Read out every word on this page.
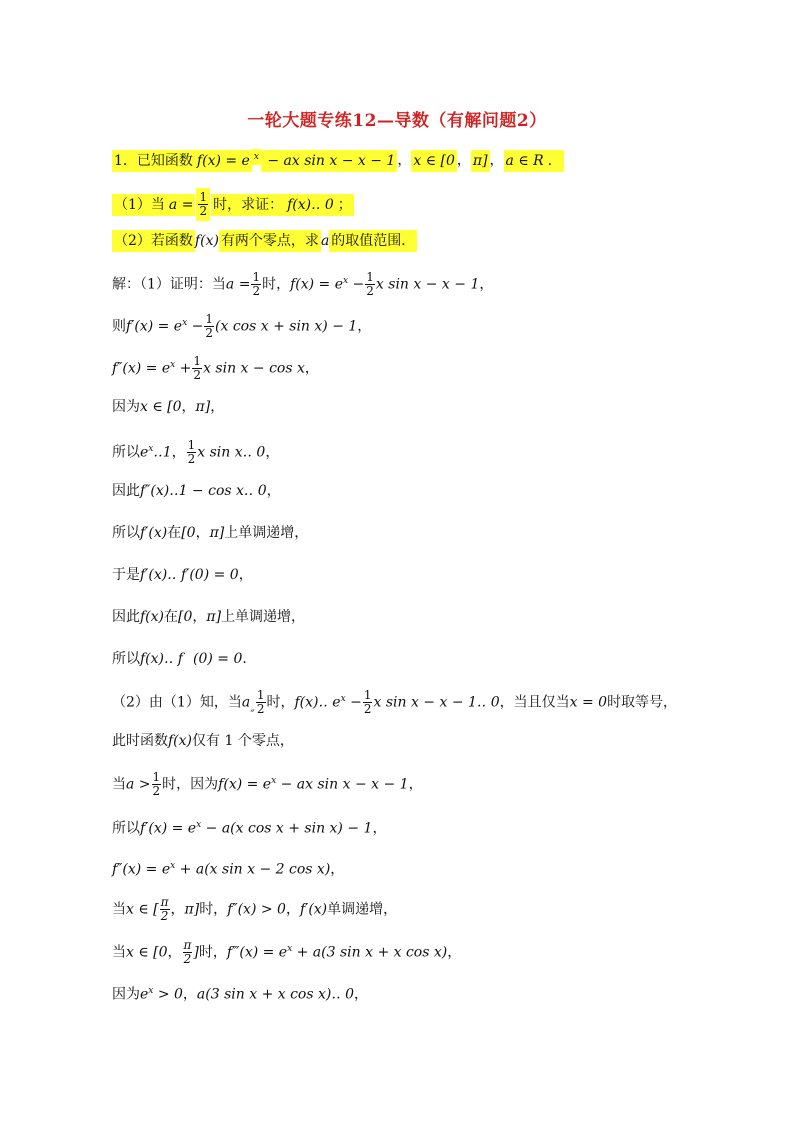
一轮大题专练12—导数（有解问题2）
1．已知函数 f(x) = e $^x$ − ax sin x − x − 1 ， x ∈ [0 ， π] ， a ∈ R ．
（1）当 $a = \frac{1}{2}$ 时，求证： f(x)‥ 0 ；
（2）若函数 f(x) 有两个零点，求 a 的取值范围．
解：（1）证明：当$a = \frac{1}{2}$ 时，$f(x) = e^x - \frac{1}{2}$ x sin x − x − 1，
则$f'(x) = e^x - \frac{1}{2} (x$ cos x + sin x) − 1，
$f''(x) = e^x + \frac{1}{2}$ x sin x − cos x，
因为x ∈ [0，π]，
所以$e^x‥1$， $\frac{1}{2}$ x sin x‥ 0，
因此f″(x)‥1 − cos x‥ 0，
所以f′(x)在[0，π]上单调递增，
于是f′(x)‥ f′(0) = 0，
因此f(x)在[0，π]上单调递增，
所以f(x)‥ f (0) = 0．
（2）由（1）知，当$a_„ \frac{1}{2}$ 时，f(x)‥ $e^x - \frac{1}{2}$ x sin x − x − 1‥ 0，当且仅当x = 0时取等号，
此时函数f(x)仅有 1 个零点，
当$a > \frac{1}{2}$ 时，因为$f(x) = e^x$ − ax sin x − x − 1，
所以$f'(x) = e^x - a(x$ cos x + sin x) − 1，
$f''(x) = e^x + a(x$ sin x − 2 cos x)，
当x ∈ [ $\frac{\pi}{2}$ ，π]时，f″(x) > 0，f′(x)单调递增，
当x ∈ [0， $\frac{\pi}{2}$ ]时，f‴(x) = $e^x + a(3$ sin x + x cos x)，
因为$e^x > 0$，a(3 sin x + x cos x)‥ 0，
